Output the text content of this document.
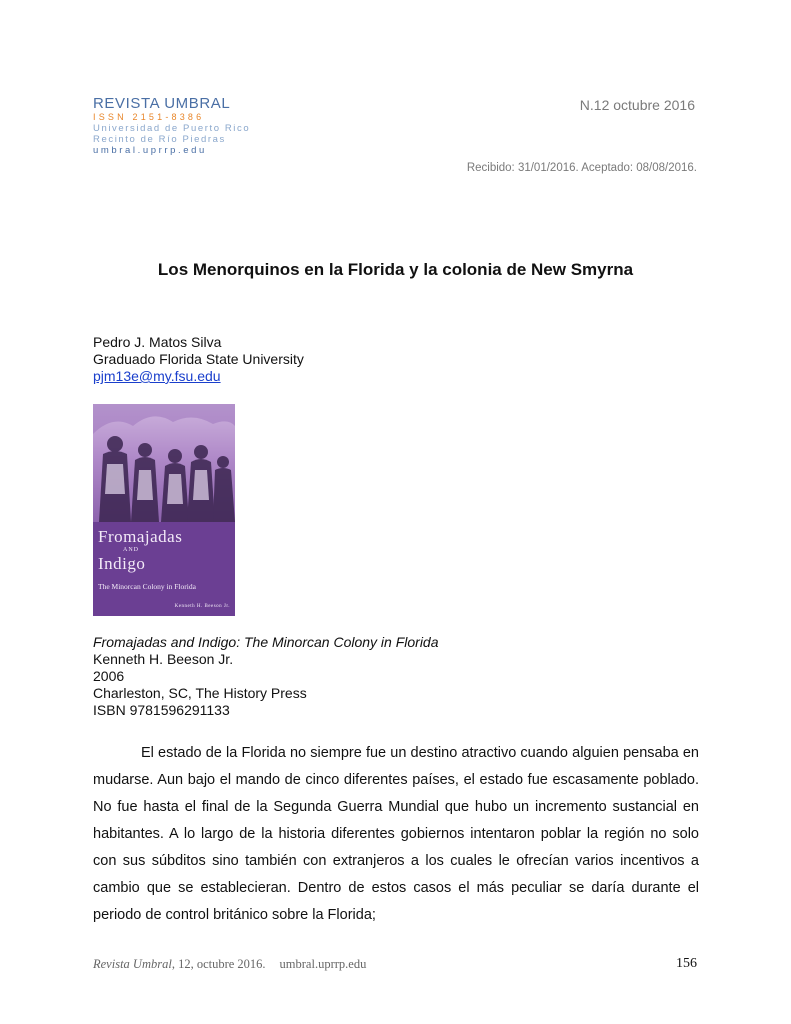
REVISTA UMBRAL
ISSN 2151-8386
Universidad de Puerto Rico
Recinto de Río Piedras
umbral.uprrp.edu
N.12 octubre 2016
Recibido: 31/01/2016. Aceptado: 08/08/2016.
Los Menorquinos en la Florida y la colonia de New Smyrna
Pedro J. Matos Silva
Graduado Florida State University
pjm13e@my.fsu.edu
Fromajadas
AND
Indigo
The Minorcan Colony in Florida
Kenneth H. Beeson Jr.
Fromajadas and Indigo: The Minorcan Colony in Florida
Kenneth H. Beeson Jr.
2006
Charleston, SC, The History Press
ISBN 9781596291133
El estado de la Florida no siempre fue un destino atractivo cuando alguien pensaba en mudarse. Aun bajo el mando de cinco diferentes países, el estado fue escasamente poblado. No fue hasta el final de la Segunda Guerra Mundial que hubo un incremento sustancial en habitantes. A lo largo de la historia diferentes gobiernos intentaron poblar la región no solo con sus súbditos sino también con extranjeros a los cuales le ofrecían varios incentivos a cambio que se establecieran. Dentro de estos casos el más peculiar se daría durante el periodo de control británico sobre la Florida;
Revista Umbral, 12, octubre 2016. umbral.uprrp.edu	156
